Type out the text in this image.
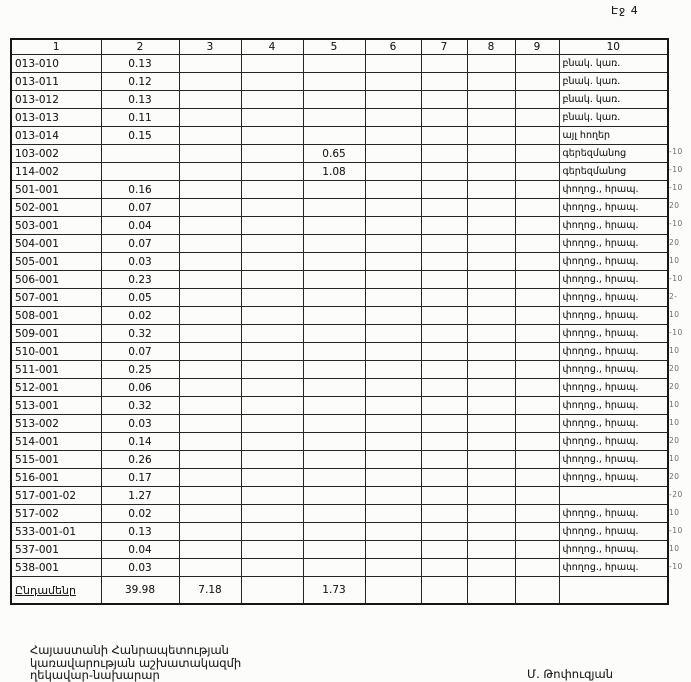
Էջ 4
1	2	3	4	5	6	7	8	9	10
013-010	0.13								բնակ. կառ.
013-011	0.12								բնակ. կառ.
013-012	0.13								բնակ. կառ.
013-013	0.11								բնակ. կառ.
013-014	0.15								այլ հողեր
103-002				0.65					գերեզմանոց
114-002				1.08					գերեզմանոց
501-001	0.16								փողոց., հրապ.
502-001	0.07								փողոց., հրապ.
503-001	0.04								փողոց., հրապ.
504-001	0.07								փողոց., հրապ.
505-001	0.03								փողոց., հրապ.
506-001	0.23								փողոց., հրապ.
507-001	0.05								փողոց., հրապ.
508-001	0.02								փողոց., հրապ.
509-001	0.32								փողոց., հրապ.
510-001	0.07								փողոց., հրապ.
511-001	0.25								փողոց., հրապ.
512-001	0.06								փողոց., հրապ.
513-001	0.32								փողոց., հրապ.
513-002	0.03								փողոց., հրապ.
514-001	0.14								փողոց., հրապ.
515-001	0.26								փողոց., հրապ.
516-001	0.17								փողոց., հրապ.
517-001-02	1.27								
517-002	0.02								փողոց., հրապ.
533-001-01	0.13								փողոց., հրապ.
537-001	0.04								փողոց., հրապ.
538-001	0.03								փողոց., հրապ.
Ընդամենը	39.98	7.18		1.73					
-10
-10
-10
20
-10
20
10
-10
2-
10
-10
10
20
20
10
10
20
10
20
-20
10
-10
10
-10
Հայաստանի Հանրապետության
կառավարության աշխատակազմի
ղեկավար-նախարար	Մ. Թոփուզյան
